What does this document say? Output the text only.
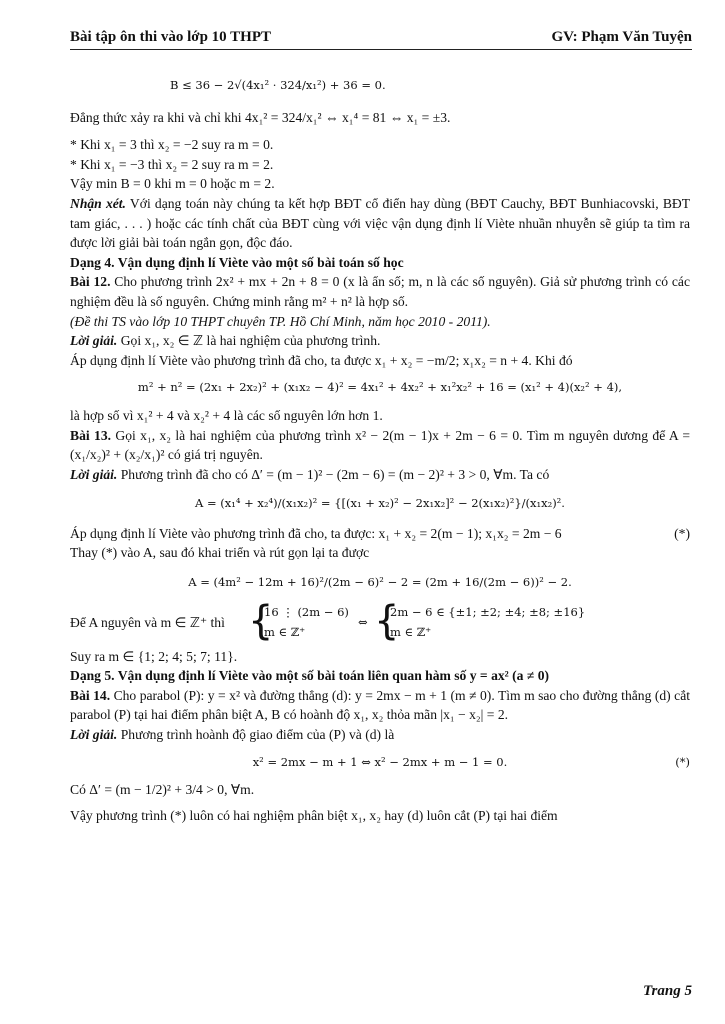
Bài tập ôn thi vào lớp 10 THPT	GV: Phạm Văn Tuyện

B ≤ 36 − 2√(4x₁² · 324/x₁²) + 36 = 0.

Đẳng thức xảy ra khi và chỉ khi 4x₁² = 324/x₁² ⇔ x₁⁴ = 81 ⇔ x₁ = ±3.

* Khi x₁ = 3 thì x₂ = −2 suy ra m = 0.

* Khi x₁ = −3 thì x₂ = 2 suy ra m = 2.

Vậy min B = 0 khi m = 0 hoặc m = 2.

Nhận xét. Với dạng toán này chúng ta kết hợp BĐT cổ điển hay dùng (BĐT Cauchy, BĐT Bunhiacovski, BĐT tam giác, . . . ) hoặc các tính chất của BĐT cùng với việc vận dụng định lí Viète nhuần nhuyễn sẽ giúp ta tìm ra được lời giải bài toán ngắn gọn, độc đáo.

Dạng 4. Vận dụng định lí Viète vào một số bài toán số học

Bài 12. Cho phương trình 2x² + mx + 2n + 8 = 0 (x là ẩn số; m, n là các số nguyên). Giả sử phương trình có các nghiệm đều là số nguyên. Chứng minh rằng m² + n² là hợp số.

(Đề thi TS vào lớp 10 THPT chuyên TP. Hồ Chí Minh, năm học 2010 - 2011).

Lời giải. Gọi x₁, x₂ ∈ ℤ là hai nghiệm của phương trình.

Áp dụng định lí Viète vào phương trình đã cho, ta được x₁ + x₂ = −m/2; x₁x₂ = n + 4. Khi đó

m² + n² = (2x₁ + 2x₂)² + (x₁x₂ − 4)² = 4x₁² + 4x₂² + x₁²x₂² + 16 = (x₁² + 4)(x₂² + 4),

là hợp số vì x₁² + 4 và x₂² + 4 là các số nguyên lớn hơn 1.

Bài 13. Gọi x₁, x₂ là hai nghiệm của phương trình x² − 2(m − 1)x + 2m − 6 = 0. Tìm m nguyên dương để A = (x₁/x₂)² + (x₂/x₁)² có giá trị nguyên.

Lời giải. Phương trình đã cho có Δ′ = (m − 1)² − (2m − 6) = (m − 2)² + 3 > 0, ∀m. Ta có

A = (x₁⁴ + x₂⁴)/(x₁x₂)² = {[(x₁ + x₂)² − 2x₁x₂]² − 2(x₁x₂)²}/(x₁x₂)².

Áp dụng định lí Viète vào phương trình đã cho, ta được: x₁ + x₂ = 2(m − 1); x₁x₂ = 2m − 6	(*)

Thay (*) vào A, sau đó khai triển và rút gọn lại ta được

A = (4m² − 12m + 16)²/(2m − 6)² − 2 = (2m + 16/(2m − 6))² − 2.

Để A nguyên và m ∈ ℤ⁺ thì {
16 ⋮ (2m − 6)
m ∈ ℤ⁺
⇔ {
2m − 6 ∈ {±1; ±2; ±4; ±8; ±16}
m ∈ ℤ⁺

Suy ra m ∈ {1; 2; 4; 5; 7; 11}.

Dạng 5. Vận dụng định lí Viète vào một số bài toán liên quan hàm số y = ax² (a ≠ 0)

Bài 14. Cho parabol (P): y = x² và đường thẳng (d): y = 2mx − m + 1 (m ≠ 0). Tìm m sao cho đường thẳng (d) cắt parabol (P) tại hai điểm phân biệt A, B có hoành độ x₁, x₂ thỏa mãn |x₁ − x₂| = 2.

Lời giải. Phương trình hoành độ giao điểm của (P) và (d) là

x² = 2mx − m + 1 ⇔ x² − 2mx + m − 1 = 0.	(*)

Có Δ′ = (m − 1/2)² + 3/4 > 0, ∀m.

Vậy phương trình (*) luôn có hai nghiệm phân biệt x₁, x₂ hay (d) luôn cắt (P) tại hai điểm

Trang 5
